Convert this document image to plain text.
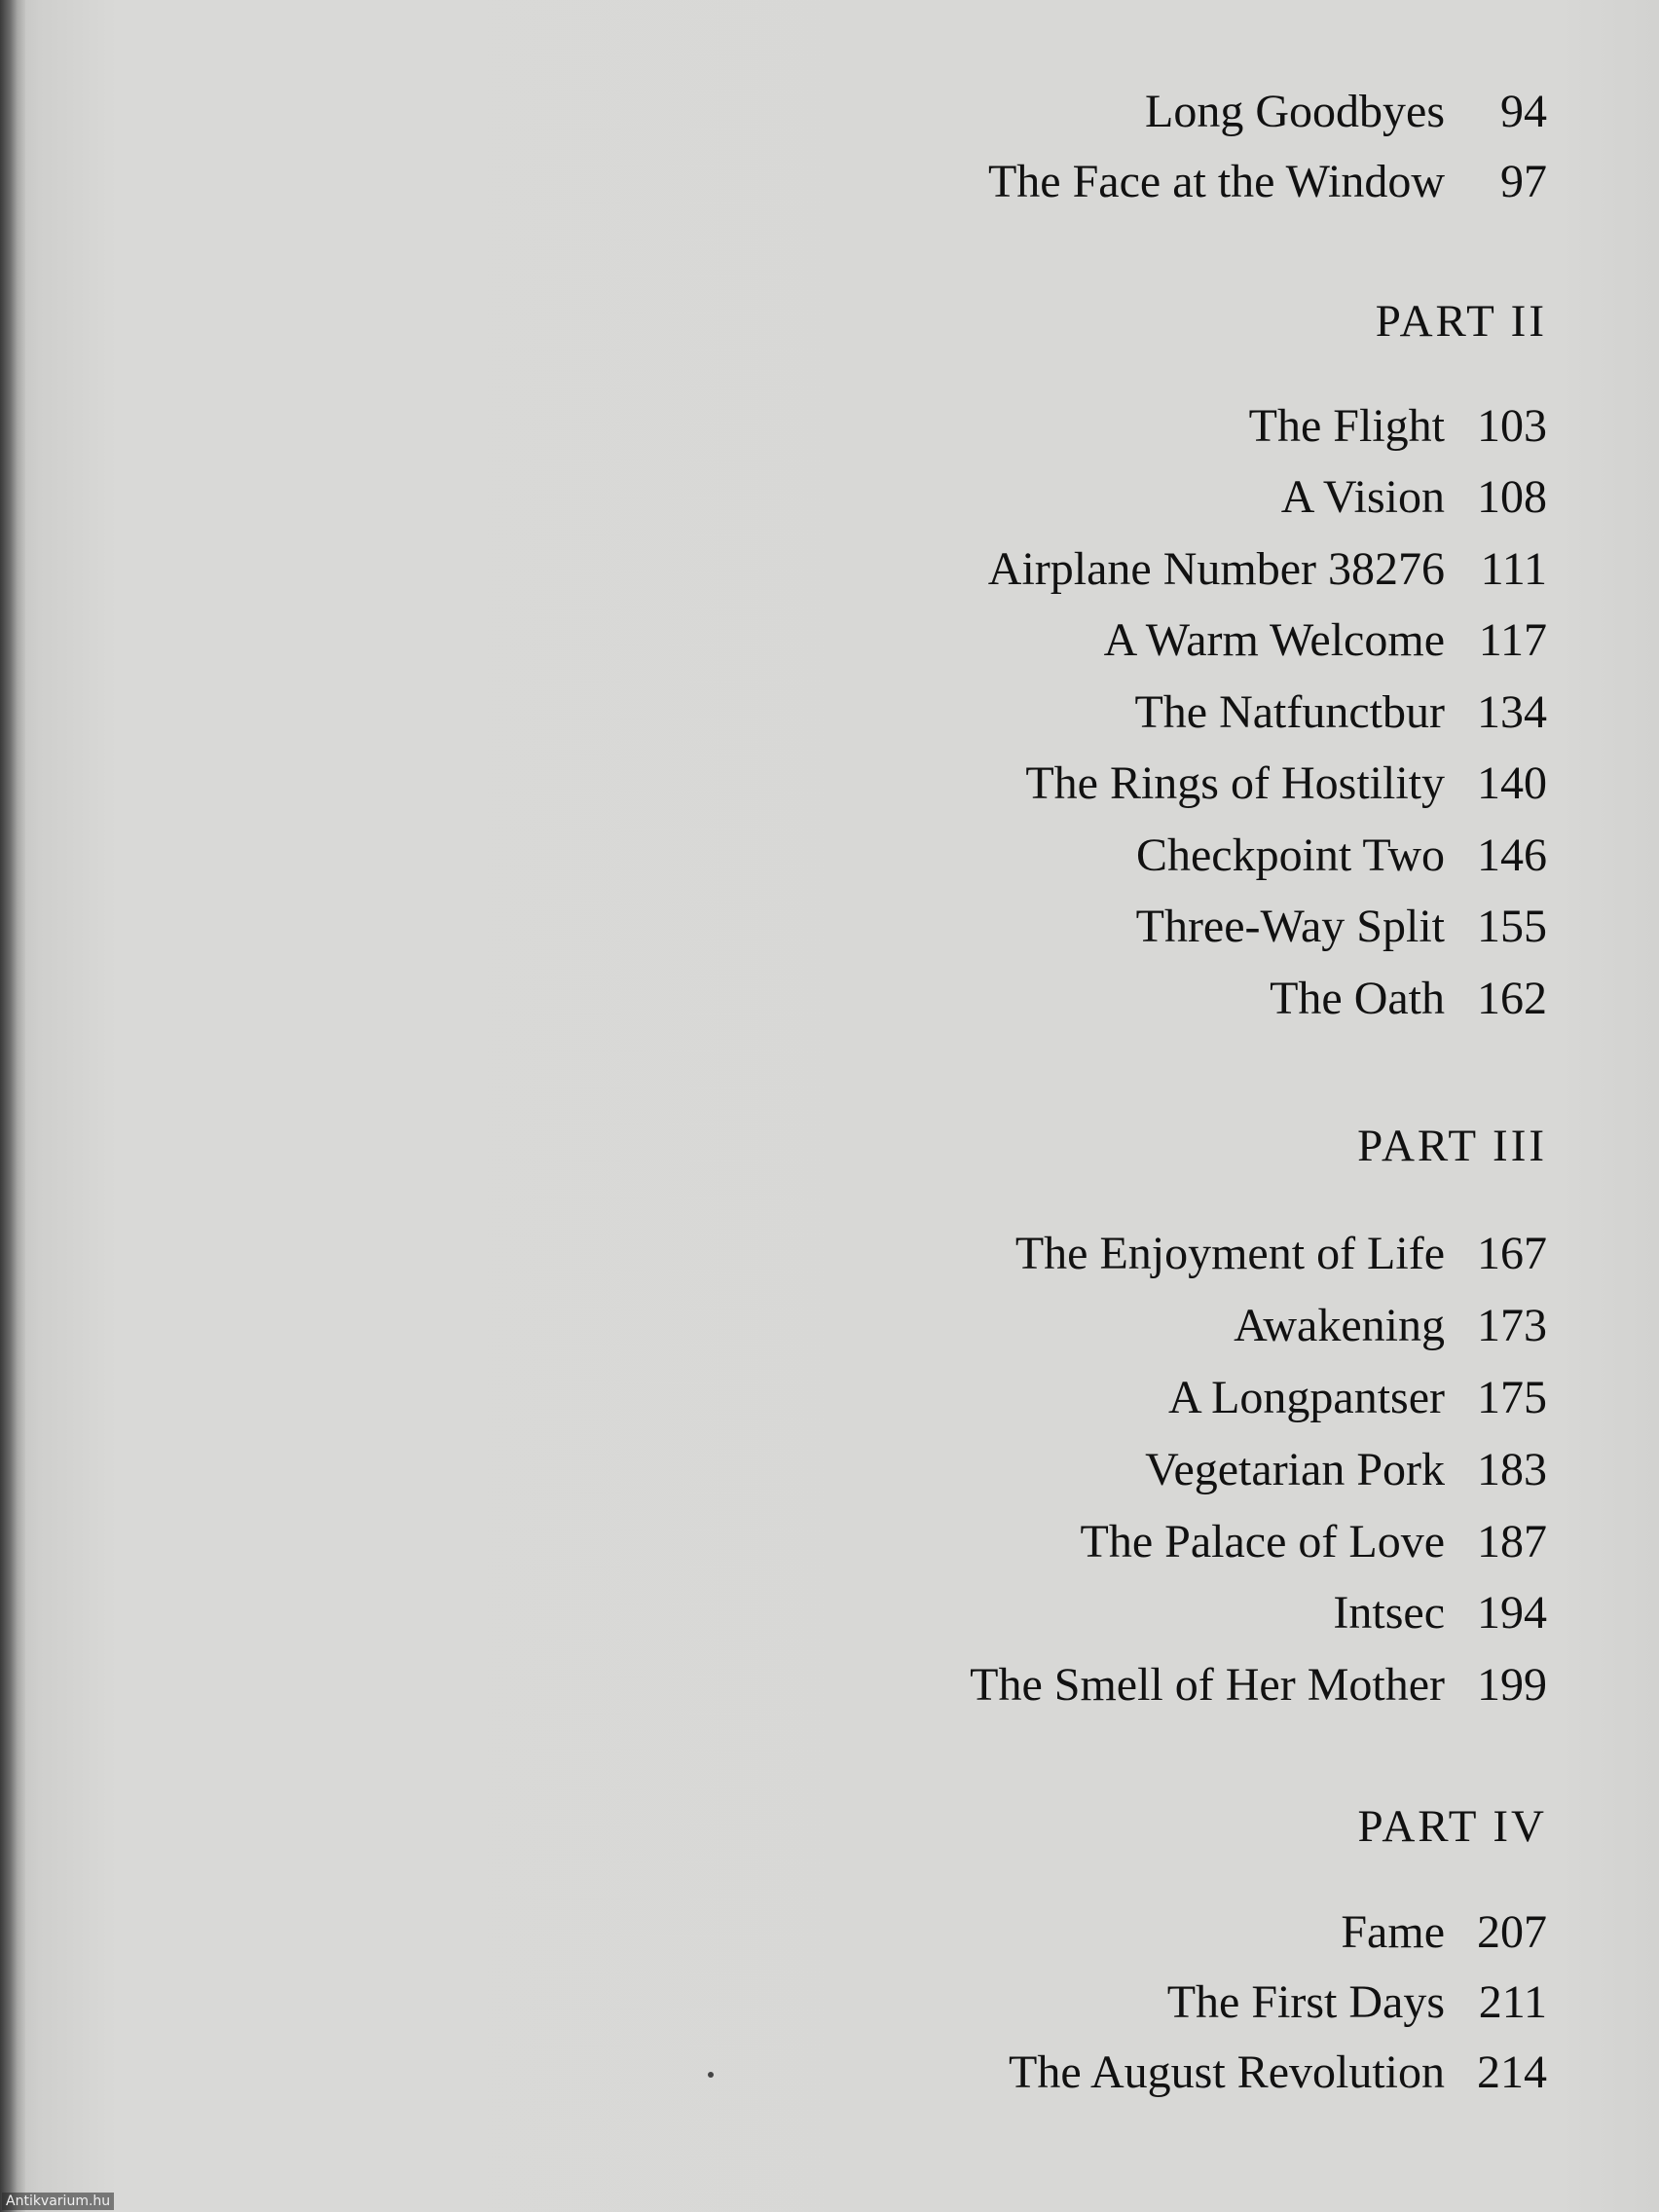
Long Goodbyes	94
The Face at the Window	97
PART II
The Flight 103
A Vision 108
Airplane Number 38276 111
A Warm Welcome 117
The Natfunctbur 134
The Rings of Hostility 140
Checkpoint Two 146
Three-Way Split 155
The Oath 162
PART III
The Enjoyment of Life 167
Awakening 173
A Longpantser 175
Vegetarian Pork 183
The Palace of Love 187
Intsec 194
The Smell of Her Mother 199
PART IV
Fame 207
The First Days 211
The August Revolution 214
Antikvarium.hu
